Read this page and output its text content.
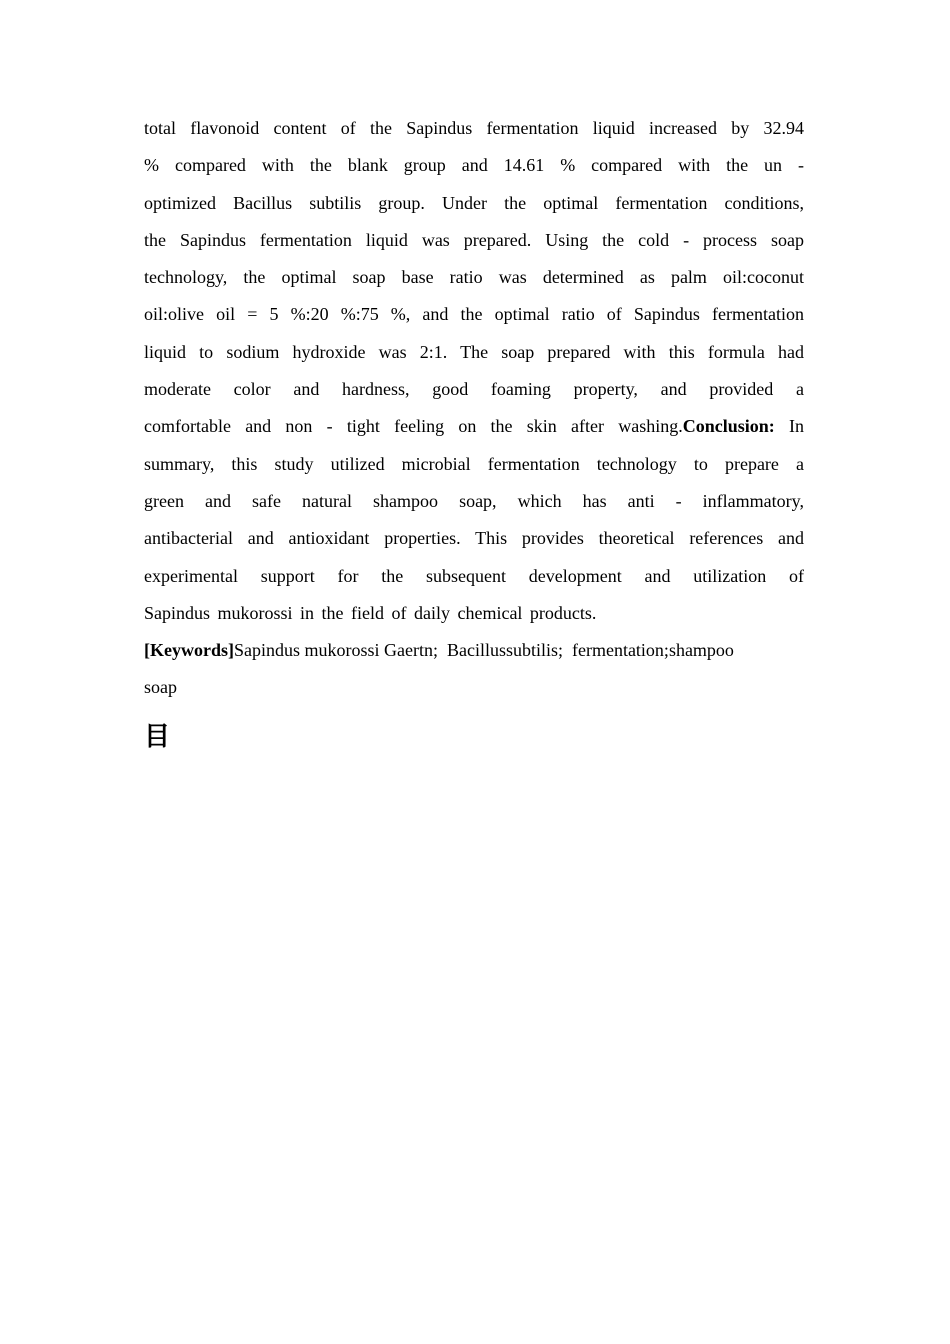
total flavonoid content of the Sapindus fermentation liquid increased by 32.94
% compared with the blank group and 14.61 % compared with the un -
optimized Bacillus subtilis group. Under the optimal fermentation conditions,
the Sapindus fermentation liquid was prepared. Using the cold - process soap
technology, the optimal soap base ratio was determined as palm oil:coconut
oil:olive oil = 5 %:20 %:75 %, and the optimal ratio of Sapindus fermentation
liquid to sodium hydroxide was 2:1. The soap prepared with this formula had
moderate color and hardness, good foaming property, and provided a
comfortable and non - tight feeling on the skin after washing.Conclusion: In
summary, this study utilized microbial fermentation technology to prepare a
green and safe natural shampoo soap, which has anti - inflammatory,
antibacterial and antioxidant properties. This provides theoretical references and
experimental support for the subsequent development and utilization of
Sapindus mukorossi in the field of daily chemical products.
[Keywords]Sapindus mukorossi Gaertn;  Bacillussubtilis;  fermentation;shampoo
soap
目
